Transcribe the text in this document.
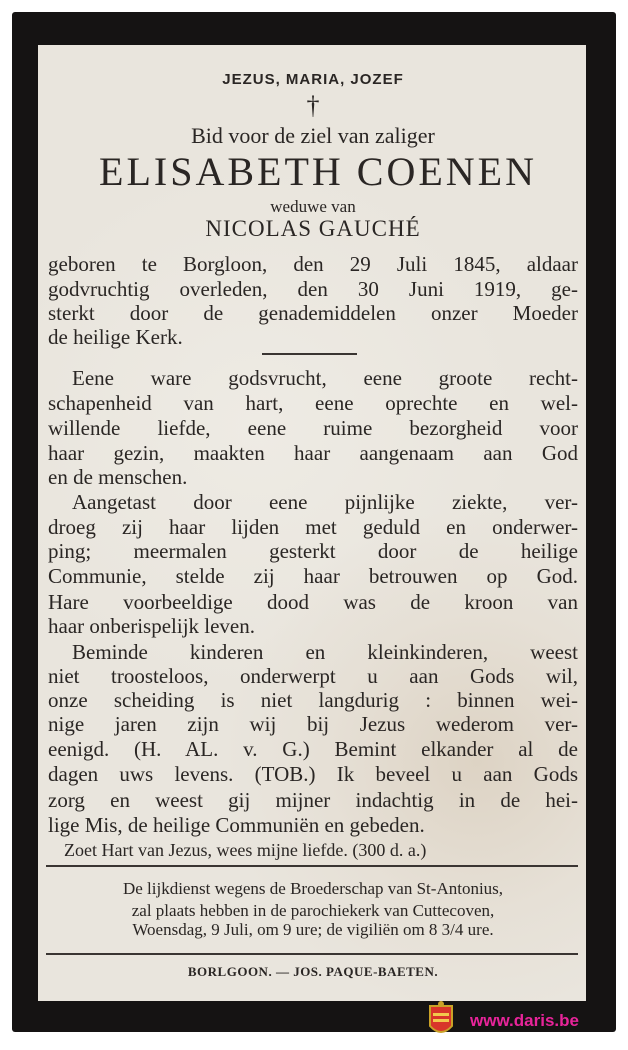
JEZUS, MARIA, JOZEF
†
Bid voor de ziel van zaliger
ELISABETH COENEN
weduwe van
NICOLAS GAUCHÉ
geboren te Borgloon, den 29 Juli 1845, aldaar
godvruchtig overleden, den 30 Juni 1919, ge-
sterkt door de genademiddelen onzer Moeder
de heilige Kerk.
Eene ware godsvrucht, eene groote recht-
schapenheid van hart, eene oprechte en wel-
willende liefde, eene ruime bezorgheid voor
haar gezin, maakten haar aangenaam aan God
en de menschen.
Aangetast door eene pijnlijke ziekte, ver-
droeg zij haar lijden met geduld en onderwer-
ping; meermalen gesterkt door de heilige
Communie, stelde zij haar betrouwen op God.
Hare voorbeeldige dood was de kroon van
haar onberispelijk leven.
Beminde kinderen en kleinkinderen, weest
niet troosteloos, onderwerpt u aan Gods wil,
onze scheiding is niet langdurig : binnen wei-
nige jaren zijn wij bij Jezus wederom ver-
eenigd. (H. AL. v. G.) Bemint elkander al de
dagen uws levens. (TOB.) Ik beveel u aan Gods
zorg en weest gij mijner indachtig in de hei-
lige Mis, de heilige Communiën en gebeden.
Zoet Hart van Jezus, wees mijne liefde. (300 d. a.)
De lijkdienst wegens de Broederschap van St-Antonius,
zal plaats hebben in de parochiekerk van Cuttecoven,
Woensdag, 9 Juli, om 9 ure; de vigiliën om 8 3/4 ure.
BORLGOON. — JOS. PAQUE-BAETEN.
www.daris.be
